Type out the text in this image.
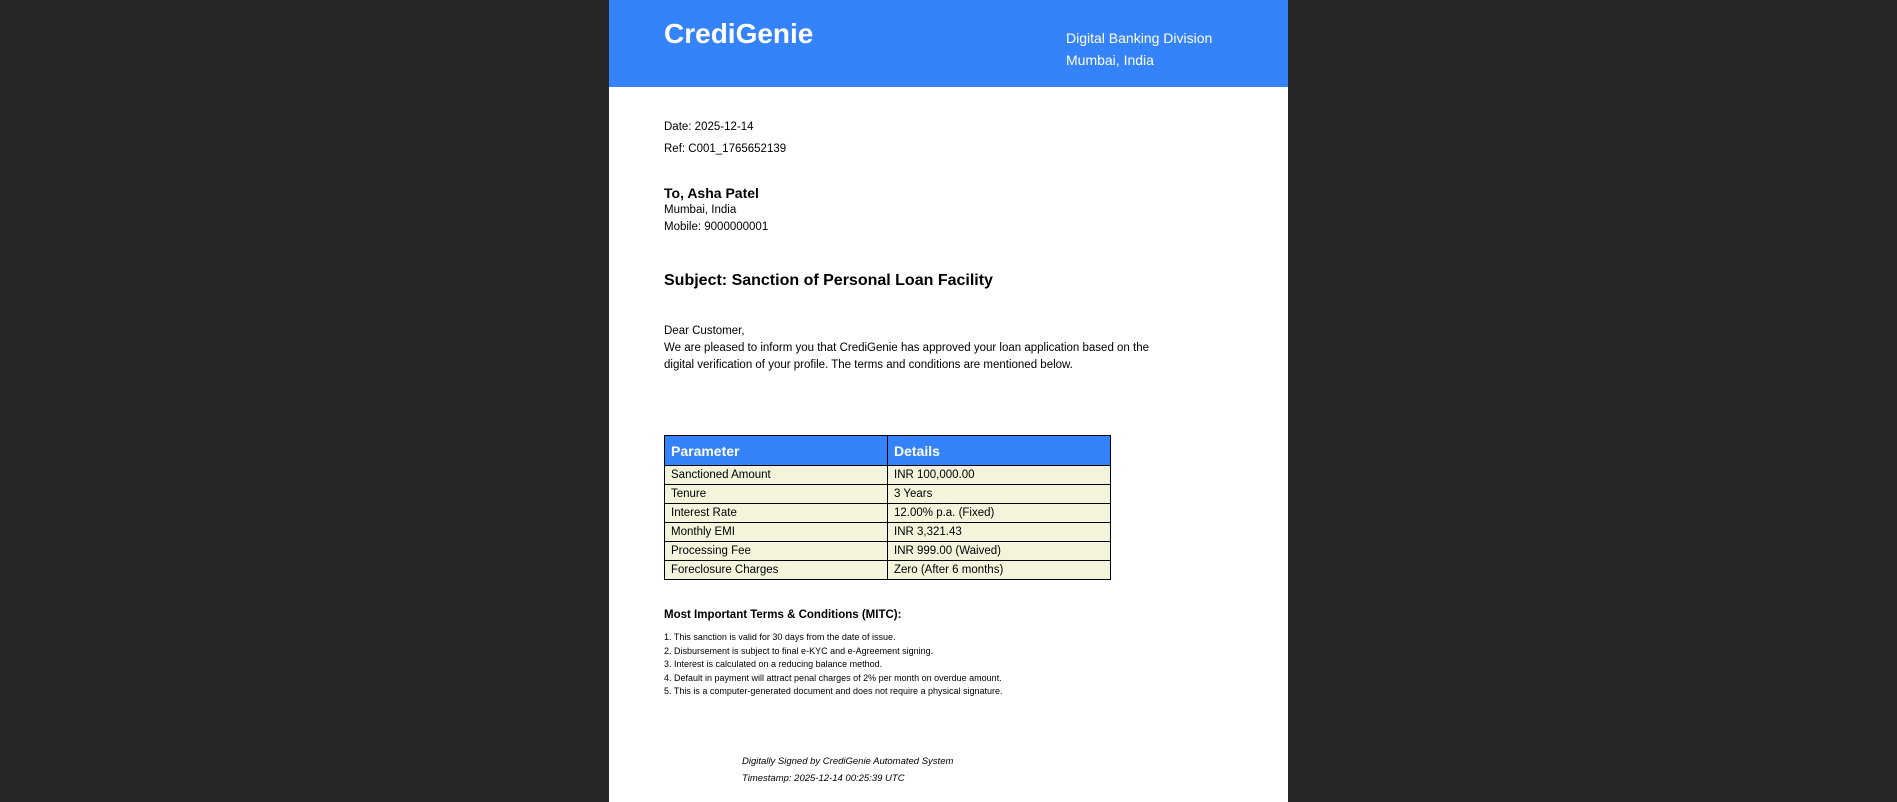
CrediGenie	Digital Banking Division
Mumbai, India
Date: 2025-12-14
Ref: C001_1765652139
To, Asha Patel
Mumbai, India
Mobile: 9000000001
Subject: Sanction of Personal Loan Facility
Dear Customer,
We are pleased to inform you that CrediGenie has approved your loan application based on the digital verification of your profile. The terms and conditions are mentioned below.
Parameter	Details
Sanctioned Amount	INR 100,000.00
Tenure	3 Years
Interest Rate	12.00% p.a. (Fixed)
Monthly EMI	INR 3,321.43
Processing Fee	INR 999.00 (Waived)
Foreclosure Charges	Zero (After 6 months)
Most Important Terms & Conditions (MITC):
1. This sanction is valid for 30 days from the date of issue.
2. Disbursement is subject to final e-KYC and e-Agreement signing.
3. Interest is calculated on a reducing balance method.
4. Default in payment will attract penal charges of 2% per month on overdue amount.
5. This is a computer-generated document and does not require a physical signature.
Digitally Signed by CrediGenie Automated System
Timestamp: 2025-12-14 00:25:39 UTC
